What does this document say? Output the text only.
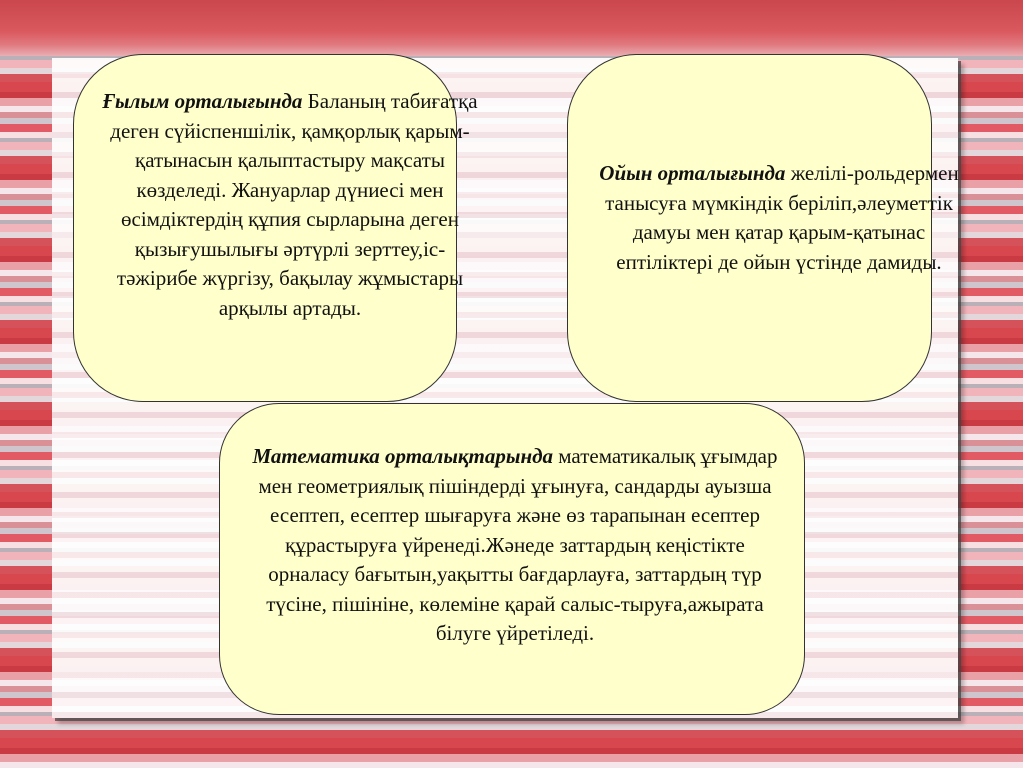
Ғылым орталығында Баланың табиғатқа деген сүйіспеншілік, қамқорлық қарым-қатынасын қалыптастыру мақсаты көзделеді. Жануарлар дүниесі мен өсімдіктердің құпия сырларына деген қызығушылығы әртүрлі зерттеу,іс-тәжірибе жүргізу, бақылау жұмыстары арқылы артады.

Ойын орталығында желілі-рольдермен танысуға мүмкіндік беріліп,әлеуметтік дамуы мен қатар қарым-қатынас ептіліктері де ойын үстінде дамиды.

Математика орталықтарында математикалық ұғымдар мен геометриялық пішіндерді ұғынуға, сандарды ауызша есептеп, есептер шығаруға және өз тарапынан есептер құрастыруға үйренеді.Жәнеде заттардың кеңістікте орналасу бағытын,уақытты бағдарлауға, заттардың түр түсіне, пішініне, көлеміне қарай салыс-тыруға,ажырата білуге үйретіледі.
